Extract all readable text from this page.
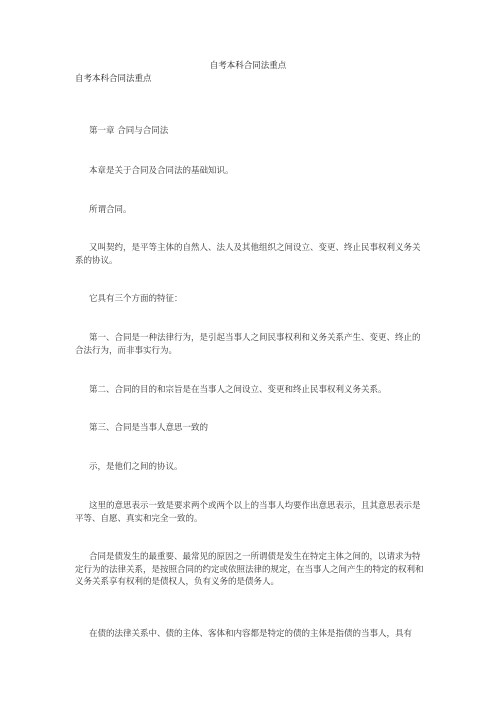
自考本科合同法重点
自考本科合同法重点

第一章 合同与合同法

本章是关于合同及合同法的基础知识。

所谓合同。

又叫契约，是平等主体的自然人、法人及其他组织之间设立、变更、终止民事权利义务关系的协议。

它具有三个方面的特征：

第一、合同是一种法律行为，是引起当事人之间民事权利和义务关系产生、变更、终止的合法行为，而非事实行为。

第二、合同的目的和宗旨是在当事人之间设立、变更和终止民事权利义务关系。

第三、合同是当事人意思一致的

示，是他们之间的协议。

这里的意思表示一致是要求两个或两个以上的当事人均要作出意思表示，且其意思表示是平等、自愿、真实和完全一致的。

合同是债发生的最重要、最常见的原因之一所谓债是发生在特定主体之间的，以请求为特定行为的法律关系，是按照合同的约定或依照法律的规定，在当事人之间产生的特定的权利和义务关系享有权利的是债权人，负有义务的是债务人。

在债的法律关系中、债的主体、客体和内容都是特定的债的主体是指债的当事人，具有
